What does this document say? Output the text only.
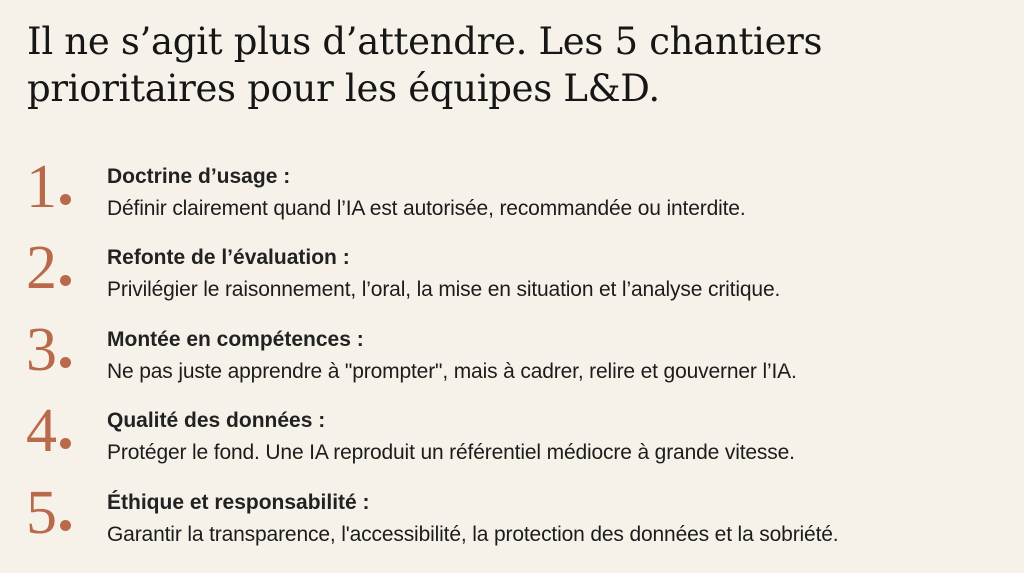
Il ne s’agit plus d’attendre. Les 5 chantiers
prioritaires pour les équipes L&D.
1	Doctrine d’usage :
Définir clairement quand l’IA est autorisée, recommandée ou interdite.
2	Refonte de l’évaluation :
Privilégier le raisonnement, l’oral, la mise en situation et l’analyse critique.
3	Montée en compétences :
Ne pas juste apprendre à "prompter", mais à cadrer, relire et gouverner l’IA.
4	Qualité des données :
Protéger le fond. Une IA reproduit un référentiel médiocre à grande vitesse.
5	Éthique et responsabilité :
Garantir la transparence, l'accessibilité, la protection des données et la sobriété.
